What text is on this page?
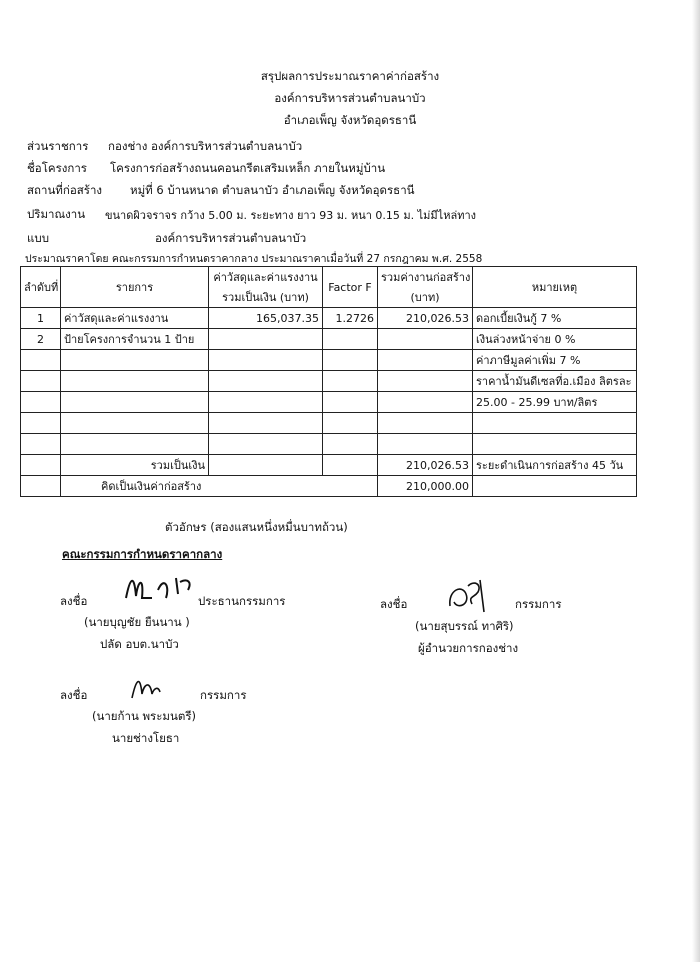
สรุปผลการประมาณราคาค่าก่อสร้าง
องค์การบริหารส่วนตำบลนาบัว
อำเภอเพ็ญ จังหวัดอุดรธานี
ส่วนราชการ กองช่าง องค์การบริหารส่วนตำบลนาบัว
ชื่อโครงการ โครงการก่อสร้างถนนคอนกรีตเสริมเหล็ก ภายในหมู่บ้าน
สถานที่ก่อสร้าง หมู่ที่ 6 บ้านหนาด ตำบลนาบัว อำเภอเพ็ญ จังหวัดอุดรธานี
ปริมาณงาน ขนาดผิวจราจร กว้าง 5.00 ม. ระยะทาง ยาว 93 ม. หนา 0.15 ม. ไม่มีไหล่ทาง
แบบ	องค์การบริหารส่วนตำบลนาบัว
ประมาณราคาโดย คณะกรรมการกำหนดราคากลาง ประมาณราคาเมื่อวันที่ 27 กรกฎาคม พ.ศ. 2558
ลำดับที่	รายการ	ค่าวัสดุและค่าแรงงาน	Factor F	รวมค่างานก่อสร้าง	หมายเหตุ
		รวมเป็นเงิน (บาท)		(บาท)	
1	ค่าวัสดุและค่าแรงงาน	165,037.35	1.2726	210,026.53	ดอกเบี้ยเงินกู้ 7 %
2	ป้ายโครงการจำนวน 1 ป้าย				เงินล่วงหน้าจ่าย 0 %
					ค่าภาษีมูลค่าเพิ่ม 7 %
					ราคาน้ำมันดีเซลที่อ.เมือง ลิตรละ
					25.00 - 25.99 บาท/ลิตร

	รวมเป็นเงิน			210,026.53	ระยะดำเนินการก่อสร้าง 45 วัน
	คิดเป็นเงินค่าก่อสร้าง			210,000.00	
ตัวอักษร (สองแสนหนึ่งหมื่นบาทถ้วน)
คณะกรรมการกำหนดราคากลาง
ลงชื่อ	ประธานกรรมการ
(นายบุญชัย ยืนนาน )
ปลัด อบต.นาบัว
ลงชื่อ	กรรมการ
(นายสุบรรณ์ ทาศิริ)
ผู้อำนวยการกองช่าง
ลงชื่อ	กรรมการ
(นายก้าน พระมนตรี)
นายช่างโยธา
